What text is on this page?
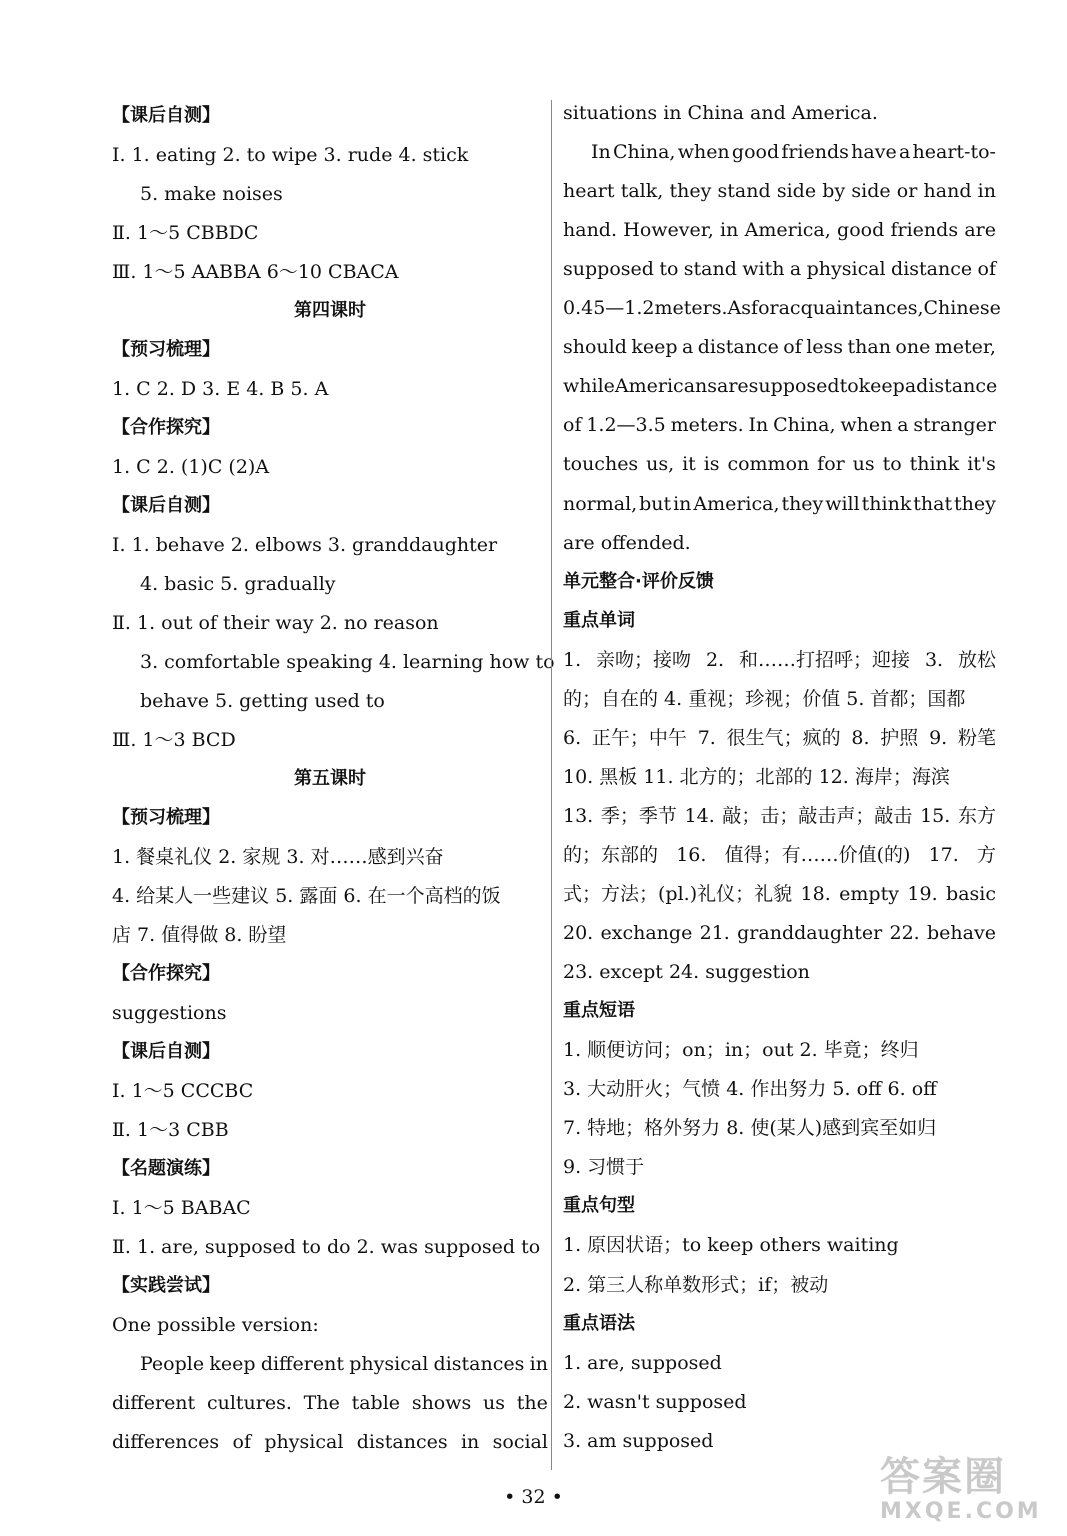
【课后自测】
Ⅰ. 1. eating 2. to wipe 3. rude 4. stick
5. make noises
Ⅱ. 1～5 CBBDC
Ⅲ. 1～5 AABBA 6～10 CBACA
第四课时
【预习梳理】
1. C 2. D 3. E 4. B 5. A
【合作探究】
1. C 2. (1)C (2)A
【课后自测】
Ⅰ. 1. behave 2. elbows 3. granddaughter
4. basic 5. gradually
Ⅱ. 1. out of their way 2. no reason
3. comfortable speaking 4. learning how to
behave 5. getting used to
Ⅲ. 1～3 BCD
第五课时
【预习梳理】
1. 餐桌礼仪 2. 家规 3. 对……感到兴奋
4. 给某人一些建议 5. 露面 6. 在一个高档的饭
店 7. 值得做 8. 盼望
【合作探究】
suggestions
【课后自测】
Ⅰ. 1～5 CCCBC
Ⅱ. 1～3 CBB
【名题演练】
Ⅰ. 1～5 BABAC
Ⅱ. 1. are, supposed to do 2. was supposed to
【实践尝试】
One possible version:
People keep different physical distances in
different cultures. The table shows us the
differences of physical distances in social
situations in China and America.
In China, when good friends have a heart-to-
heart talk, they stand side by side or hand in
hand. However, in America, good friends are
supposed to stand with a physical distance of
0.45—1.2 meters. As for acquaintances, Chinese
should keep a distance of less than one meter,
while Americans are supposed to keep a distance
of 1.2—3.5 meters. In China, when a stranger
touches us, it is common for us to think it's
normal, but in America, they will think that they
are offended.
单元整合·评价反馈
重点单词
1. 亲吻；接吻 2. 和……打招呼；迎接 3. 放松
的；自在的 4. 重视；珍视；价值 5. 首都；国都
6. 正午；中午 7. 很生气；疯的 8. 护照 9. 粉笔
10. 黑板 11. 北方的；北部的 12. 海岸；海滨
13. 季；季节 14. 敲；击；敲击声；敲击 15. 东方
的；东部的 16. 值得；有……价值(的) 17. 方
式；方法；(pl.)礼仪；礼貌 18. empty 19. basic
20. exchange 21. granddaughter 22. behave
23. except 24. suggestion
重点短语
1. 顺便访问；on；in；out 2. 毕竟；终归
3. 大动肝火；气愤 4. 作出努力 5. off 6. off
7. 特地；格外努力 8. 使(某人)感到宾至如归
9. 习惯于
重点句型
1. 原因状语；to keep others waiting
2. 第三人称单数形式；if；被动
重点语法
1. are, supposed
2. wasn't supposed
3. am supposed
• 32 •	答案圈
MXQE.COM
